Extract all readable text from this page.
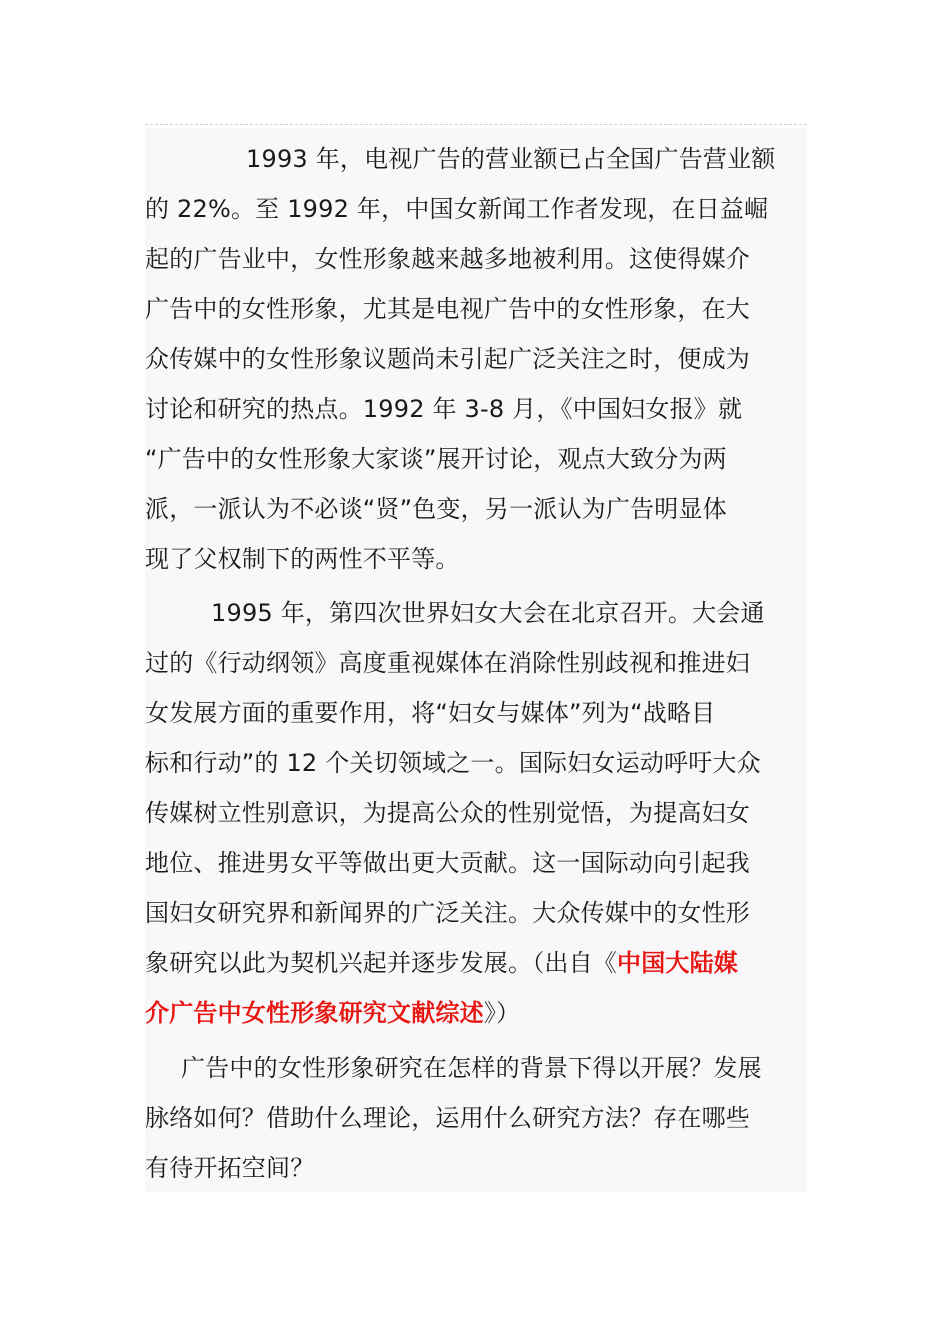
1993 年，电视广告的营业额已占全国广告营业额
的 22%。至 1992 年，中国女新闻工作者发现，在日益崛
起的广告业中，女性形象越来越多地被利用。这使得媒介
广告中的女性形象，尤其是电视广告中的女性形象，在大
众传媒中的女性形象议题尚未引起广泛关注之时，便成为
讨论和研究的热点。1992 年 3-8 月，《中国妇女报》就
“广告中的女性形象大家谈”展开讨论，观点大致分为两
派，一派认为不必谈“贤”色变，另一派认为广告明显体
现了父权制下的两性不平等。
1995 年，第四次世界妇女大会在北京召开。大会通
过的《行动纲领》高度重视媒体在消除性别歧视和推进妇
女发展方面的重要作用，将“妇女与媒体”列为“战略目
标和行动”的 12 个关切领域之一。国际妇女运动呼吁大众
传媒树立性别意识，为提高公众的性别觉悟，为提高妇女
地位、推进男女平等做出更大贡献。这一国际动向引起我
国妇女研究界和新闻界的广泛关注。大众传媒中的女性形
象研究以此为契机兴起并逐步发展。（出自《中国大陆媒
介广告中女性形象研究文献综述》）
广告中的女性形象研究在怎样的背景下得以开展？发展
脉络如何？借助什么理论，运用什么研究方法？存在哪些
有待开拓空间？
